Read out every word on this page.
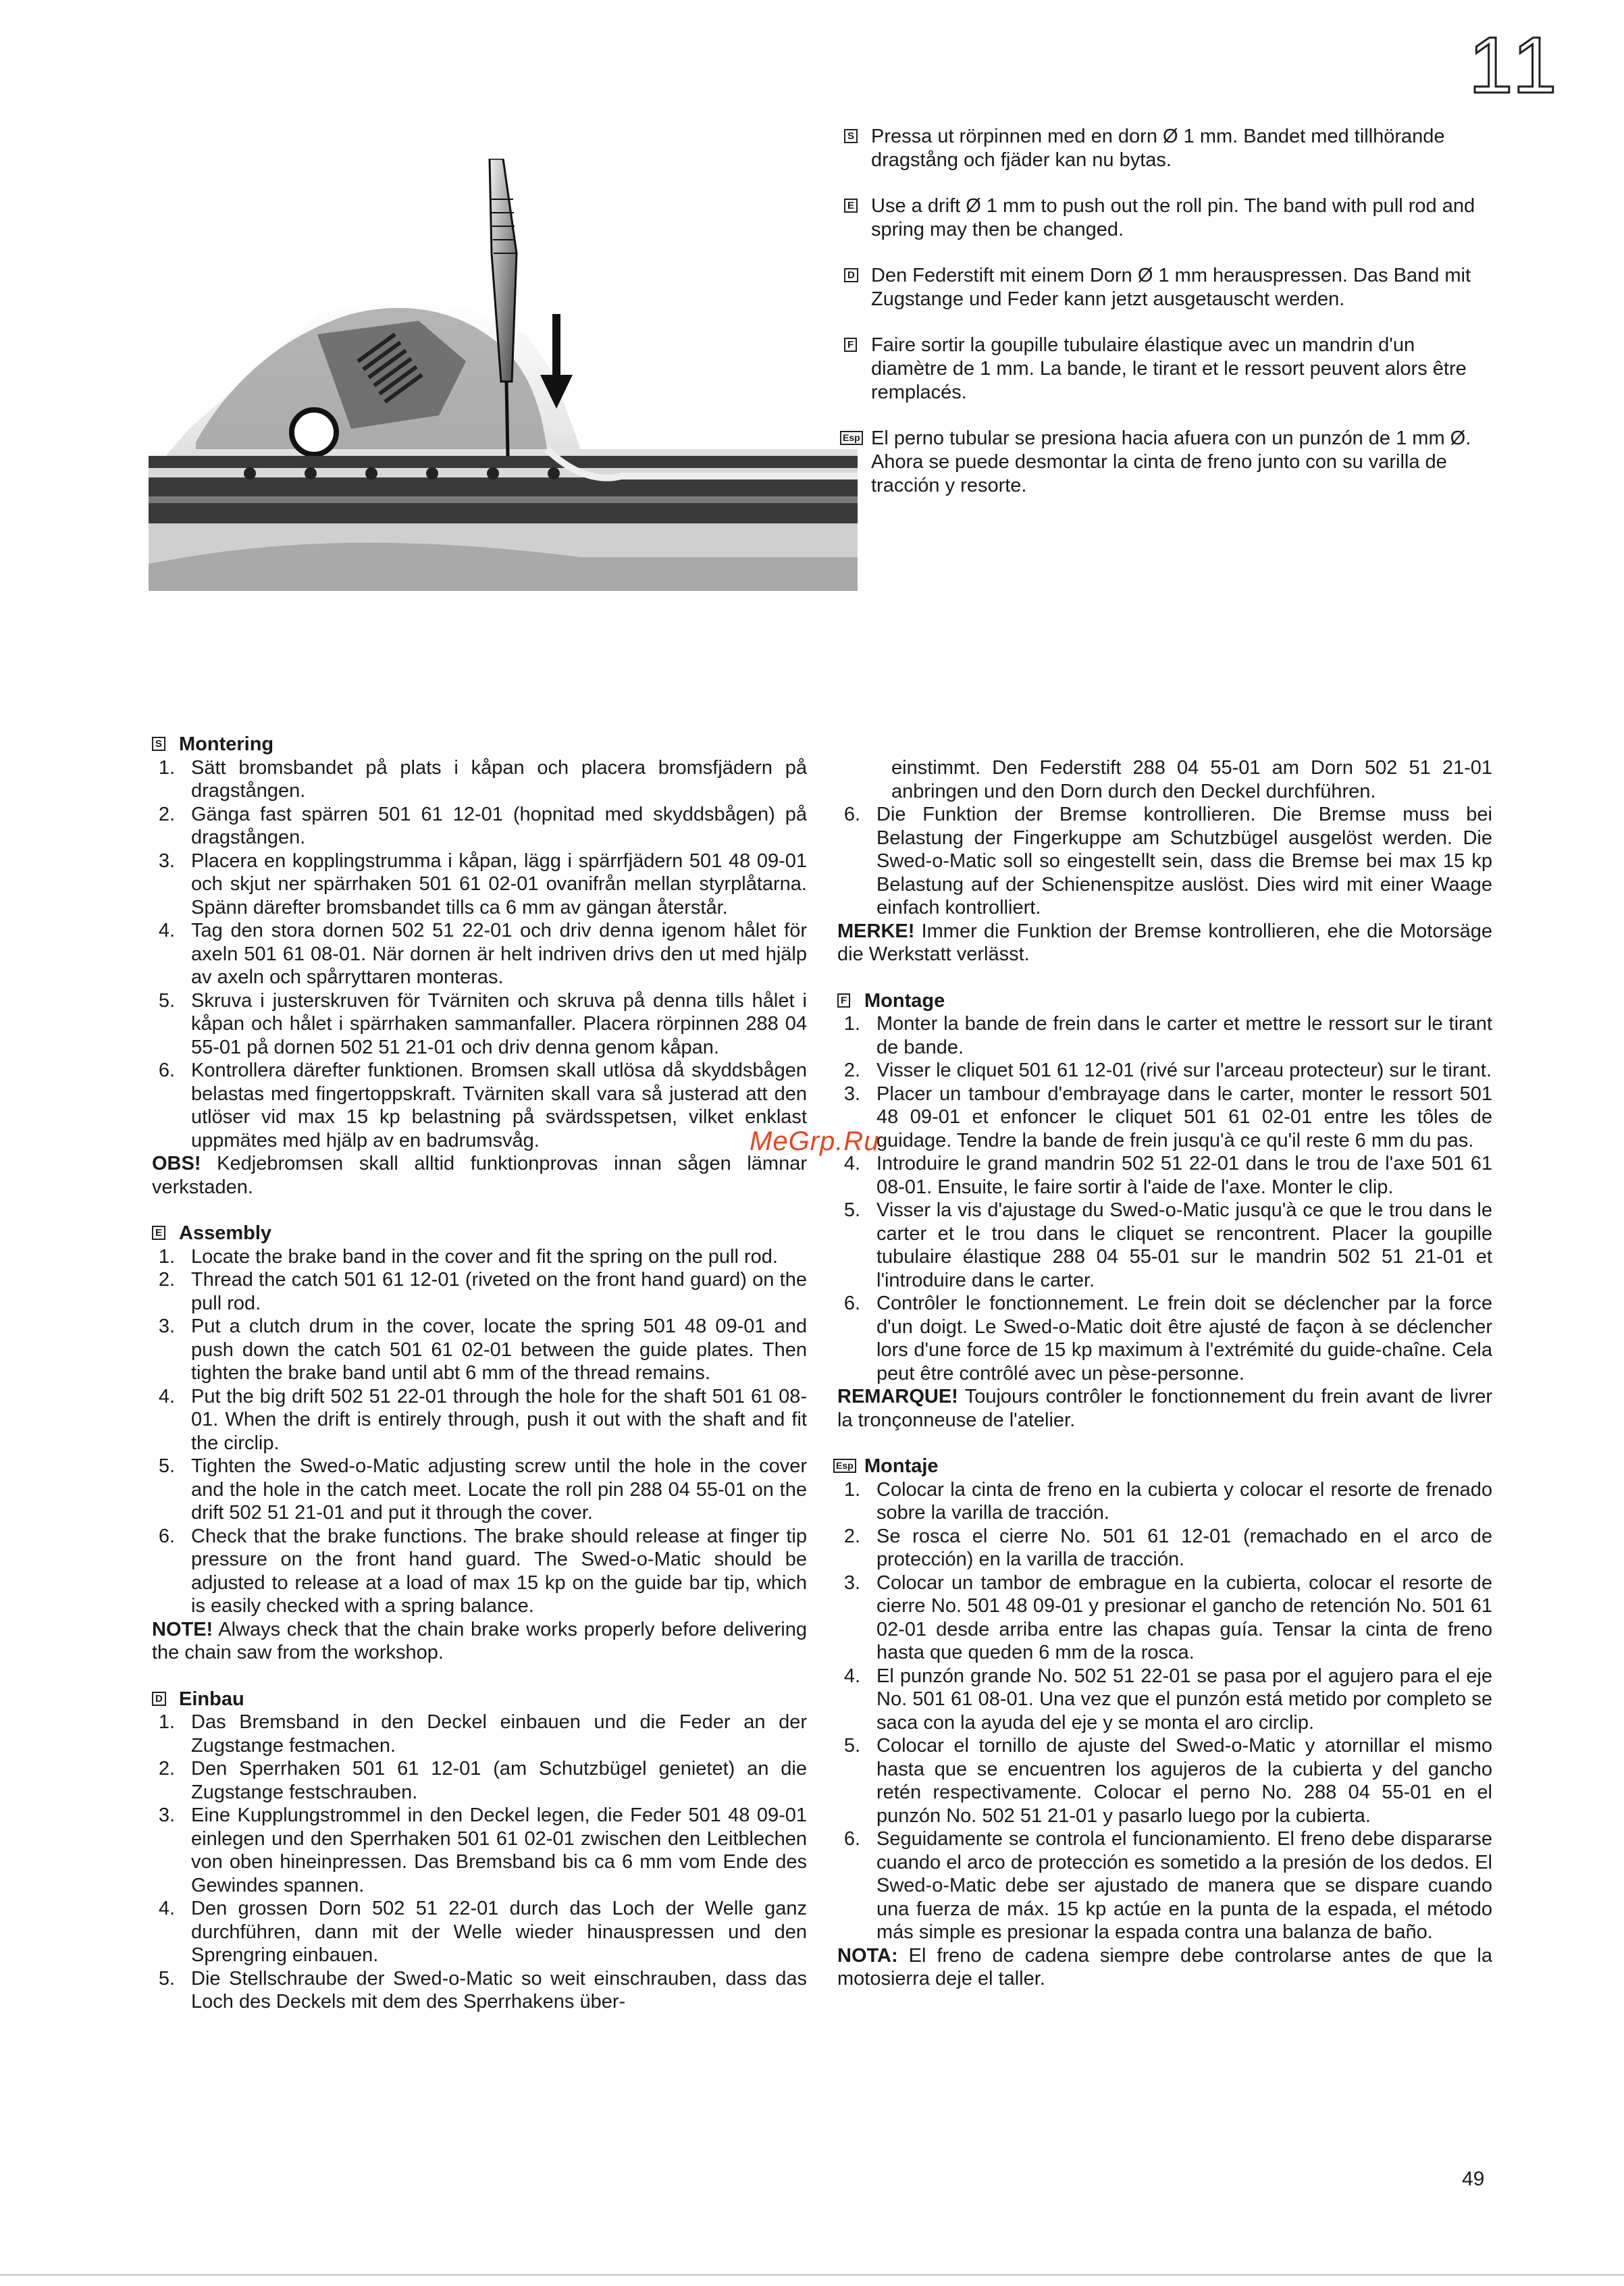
11
S Pressa ut rörpinnen med en dorn Ø 1 mm. Bandet med tillhörande dragstång och fjäder kan nu bytas.
E Use a drift Ø 1 mm to push out the roll pin. The band with pull rod and spring may then be changed.
D Den Federstift mit einem Dorn Ø 1 mm herauspressen. Das Band mit Zugstange und Feder kann jetzt ausgetauscht werden.
F Faire sortir la goupille tubulaire élastique avec un mandrin d'un diamètre de 1 mm. La bande, le tirant et le ressort peuvent alors être remplacés.
Esp El perno tubular se presiona hacia afuera con un punzón de 1 mm Ø. Ahora se puede desmontar la cinta de freno junto con su varilla de tracción y resorte.
S Montering
1. Sätt bromsbandet på plats i kåpan och placera bromsfjädern på dragstången.
2. Gänga fast spärren 501 61 12-01 (hopnitad med skyddsbågen) på dragstången.
3. Placera en kopplingstrumma i kåpan, lägg i spärrfjädern 501 48 09-01 och skjut ner spärrhaken 501 61 02-01 ovanifrån mellan styrplåtarna. Spänn därefter bromsbandet tills ca 6 mm av gängan återstår.
4. Tag den stora dornen 502 51 22-01 och driv denna igenom hålet för axeln 501 61 08-01. När dornen är helt indriven drivs den ut med hjälp av axeln och spårryttaren monteras.
5. Skruva i justerskruven för Tvärniten och skruva på denna tills hålet i kåpan och hålet i spärrhaken sammanfaller. Placera rörpinnen 288 04 55-01 på dornen 502 51 21-01 och driv denna genom kåpan.
6. Kontrollera därefter funktionen. Bromsen skall utlösa då skyddsbågen belastas med fingertoppskraft. Tvärniten skall vara så justerad att den utlöser vid max 15 kp belastning på svärdsspetsen, vilket enklast uppmätes med hjälp av en badrumsvåg.
OBS! Kedjebromsen skall alltid funktionprovas innan sågen lämnar verkstaden.
E Assembly
1. Locate the brake band in the cover and fit the spring on the pull rod.
2. Thread the catch 501 61 12-01 (riveted on the front hand guard) on the pull rod.
3. Put a clutch drum in the cover, locate the spring 501 48 09-01 and push down the catch 501 61 02-01 between the guide plates. Then tighten the brake band until abt 6 mm of the thread remains.
4. Put the big drift 502 51 22-01 through the hole for the shaft 501 61 08-01. When the drift is entirely through, push it out with the shaft and fit the circlip.
5. Tighten the Swed-o-Matic adjusting screw until the hole in the cover and the hole in the catch meet. Locate the roll pin 288 04 55-01 on the drift 502 51 21-01 and put it through the cover.
6. Check that the brake functions. The brake should release at finger tip pressure on the front hand guard. The Swed-o-Matic should be adjusted to release at a load of max 15 kp on the guide bar tip, which is easily checked with a spring balance.
NOTE! Always check that the chain brake works properly before delivering the chain saw from the workshop.
D Einbau
1. Das Bremsband in den Deckel einbauen und die Feder an der Zugstange festmachen.
2. Den Sperrhaken 501 61 12-01 (am Schutzbügel genietet) an die Zugstange festschrauben.
3. Eine Kupplungstrommel in den Deckel legen, die Feder 501 48 09-01 einlegen und den Sperrhaken 501 61 02-01 zwischen den Leitblechen von oben hineinpressen. Das Bremsband bis ca 6 mm vom Ende des Gewindes spannen.
4. Den grossen Dorn 502 51 22-01 durch das Loch der Welle ganz durchführen, dann mit der Welle wieder hinauspressen und den Sprengring einbauen.
5. Die Stellschraube der Swed-o-Matic so weit einschrauben, dass das Loch des Deckels mit dem des Sperrhakens über-
einstimmt. Den Federstift 288 04 55-01 am Dorn 502 51 21-01 anbringen und den Dorn durch den Deckel durchführen.
6. Die Funktion der Bremse kontrollieren. Die Bremse muss bei Belastung der Fingerkuppe am Schutzbügel ausgelöst werden. Die Swed-o-Matic soll so eingestellt sein, dass die Bremse bei max 15 kp Belastung auf der Schienenspitze auslöst. Dies wird mit einer Waage einfach kontrolliert.
MERKE! Immer die Funktion der Bremse kontrollieren, ehe die Motorsäge die Werkstatt verlässt.
F Montage
1. Monter la bande de frein dans le carter et mettre le ressort sur le tirant de bande.
2. Visser le cliquet 501 61 12-01 (rivé sur l'arceau protecteur) sur le tirant.
3. Placer un tambour d'embrayage dans le carter, monter le ressort 501 48 09-01 et enfoncer le cliquet 501 61 02-01 entre les tôles de guidage. Tendre la bande de frein jusqu'à ce qu'il reste 6 mm du pas.
4. Introduire le grand mandrin 502 51 22-01 dans le trou de l'axe 501 61 08-01. Ensuite, le faire sortir à l'aide de l'axe. Monter le clip.
5. Visser la vis d'ajustage du Swed-o-Matic jusqu'à ce que le trou dans le carter et le trou dans le cliquet se rencontrent. Placer la goupille tubulaire élastique 288 04 55-01 sur le mandrin 502 51 21-01 et l'introduire dans le carter.
6. Contrôler le fonctionnement. Le frein doit se déclencher par la force d'un doigt. Le Swed-o-Matic doit être ajusté de façon à se déclencher lors d'une force de 15 kp maximum à l'extrémité du guide-chaîne. Cela peut être contrôlé avec un pèse-personne.
REMARQUE! Toujours contrôler le fonctionnement du frein avant de livrer la tronçonneuse de l'atelier.
Esp Montaje
1. Colocar la cinta de freno en la cubierta y colocar el resorte de frenado sobre la varilla de tracción.
2. Se rosca el cierre No. 501 61 12-01 (remachado en el arco de protección) en la varilla de tracción.
3. Colocar un tambor de embrague en la cubierta, colocar el resorte de cierre No. 501 48 09-01 y presionar el gancho de retención No. 501 61 02-01 desde arriba entre las chapas guía. Tensar la cinta de freno hasta que queden 6 mm de la rosca.
4. El punzón grande No. 502 51 22-01 se pasa por el agujero para el eje No. 501 61 08-01. Una vez que el punzón está metido por completo se saca con la ayuda del eje y se monta el aro circlip.
5. Colocar el tornillo de ajuste del Swed-o-Matic y atornillar el mismo hasta que se encuentren los agujeros de la cubierta y del gancho retén respectivamente. Colocar el perno No. 288 04 55-01 en el punzón No. 502 51 21-01 y pasarlo luego por la cubierta.
6. Seguidamente se controla el funcionamiento. El freno debe dispararse cuando el arco de protección es sometido a la presión de los dedos. El Swed-o-Matic debe ser ajustado de manera que se dispare cuando una fuerza de máx. 15 kp actúe en la punta de la espada, el método más simple es presionar la espada contra una balanza de baño.
NOTA: El freno de cadena siempre debe controlarse antes de que la motosierra deje el taller.
MeGrp.Ru
49
